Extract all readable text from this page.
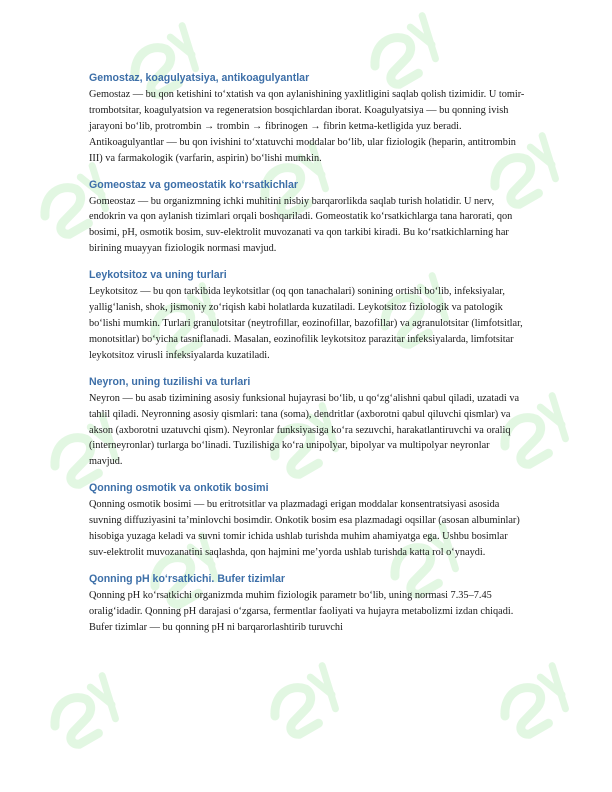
Gemostaz, koagulyatsiya, antikoagulyantlar

Gemostaz — bu qon ketishini to‘xtatish va qon aylanishining yaxlitligini saqlab qolish tizimidir. U tomir- trombotsitar, koagulyatsion va regeneratsion bosqichlardan iborat. Koagulyatsiya — bu qonning ivish jarayoni bo‘lib, protrombin → trombin → fibrinogen → fibrin ketma-ketligida yuz beradi. Antikoagulyantlar — bu qon ivishini to‘xtatuvchi moddalar bo‘lib, ular fiziologik (heparin, antitrombin III) va farmakologik (varfarin, aspirin) bo‘lishi mumkin.

Gomeostaz va gomeostatik ko‘rsatkichlar

Gomeostaz — bu organizmning ichki muhitini nisbiy barqarorlikda saqlab turish holatidir. U nerv, endokrin va qon aylanish tizimlari orqali boshqariladi. Gomeostatik ko‘rsatkichlarga tana harorati, qon bosimi, pH, osmotik bosim, suv-elektrolit muvozanati va qon tarkibi kiradi. Bu ko‘rsatkichlarning har birining muayyan fiziologik normasi mavjud.

Leykotsitoz va uning turlari

Leykotsitoz — bu qon tarkibida leykotsitlar (oq qon tanachalari) sonining ortishi bo‘lib, infeksiyalar, yallig‘lanish, shok, jismoniy zo‘riqish kabi holatlarda kuzatiladi. Leykotsitoz fiziologik va patologik bo‘lishi mumkin. Turlari granulotsitar (neytrofillar, eozinofillar, bazofillar) va agranulotsitar (limfotsitlar, monotsitlar) bo‘yicha tasniflanadi. Masalan, eozinofilik leykotsitoz parazitar infeksiyalarda, limfotsitar leykotsitoz virusli infeksiyalarda kuzatiladi.

Neyron, uning tuzilishi va turlari

Neyron — bu asab tizimining asosiy funksional hujayrasi bo‘lib, u qo‘zg‘alishni qabul qiladi, uzatadi va tahlil qiladi. Neyronning asosiy qismlari: tana (soma), dendritlar (axborotni qabul qiluvchi qismlar) va akson (axborotni uzatuvchi qism). Neyronlar funksiyasiga ko‘ra sezuvchi, harakatlantiruvchi va oraliq (interneyronlar) turlarga bo‘linadi. Tuzilishiga ko‘ra unipolyar, bipolyar va multipolyar neyronlar mavjud.

Qonning osmotik va onkotik bosimi

Qonning osmotik bosimi — bu eritrotsitlar va plazmadagi erigan moddalar konsentratsiyasi asosida suvning diffuziyasini ta’minlovchi bosimdir. Onkotik bosim esa plazmadagi oqsillar (asosan albuminlar) hisobiga yuzaga keladi va suvni tomir ichida ushlab turishda muhim ahamiyatga ega. Ushbu bosimlar suv-elektrolit muvozanatini saqlashda, qon hajmini me’yorda ushlab turishda katta rol o‘ynaydi.

Qonning pH ko‘rsatkichi. Bufer tizimlar

Qonning pH ko‘rsatkichi organizmda muhim fiziologik parametr bo‘lib, uning normasi 7.35–7.45 oralig‘idadir. Qonning pH darajasi o‘zgarsa, fermentlar faoliyati va hujayra metabolizmi izdan chiqadi. Bufer tizimlar — bu qonning pH ni barqarorlashtirib turuvchi
